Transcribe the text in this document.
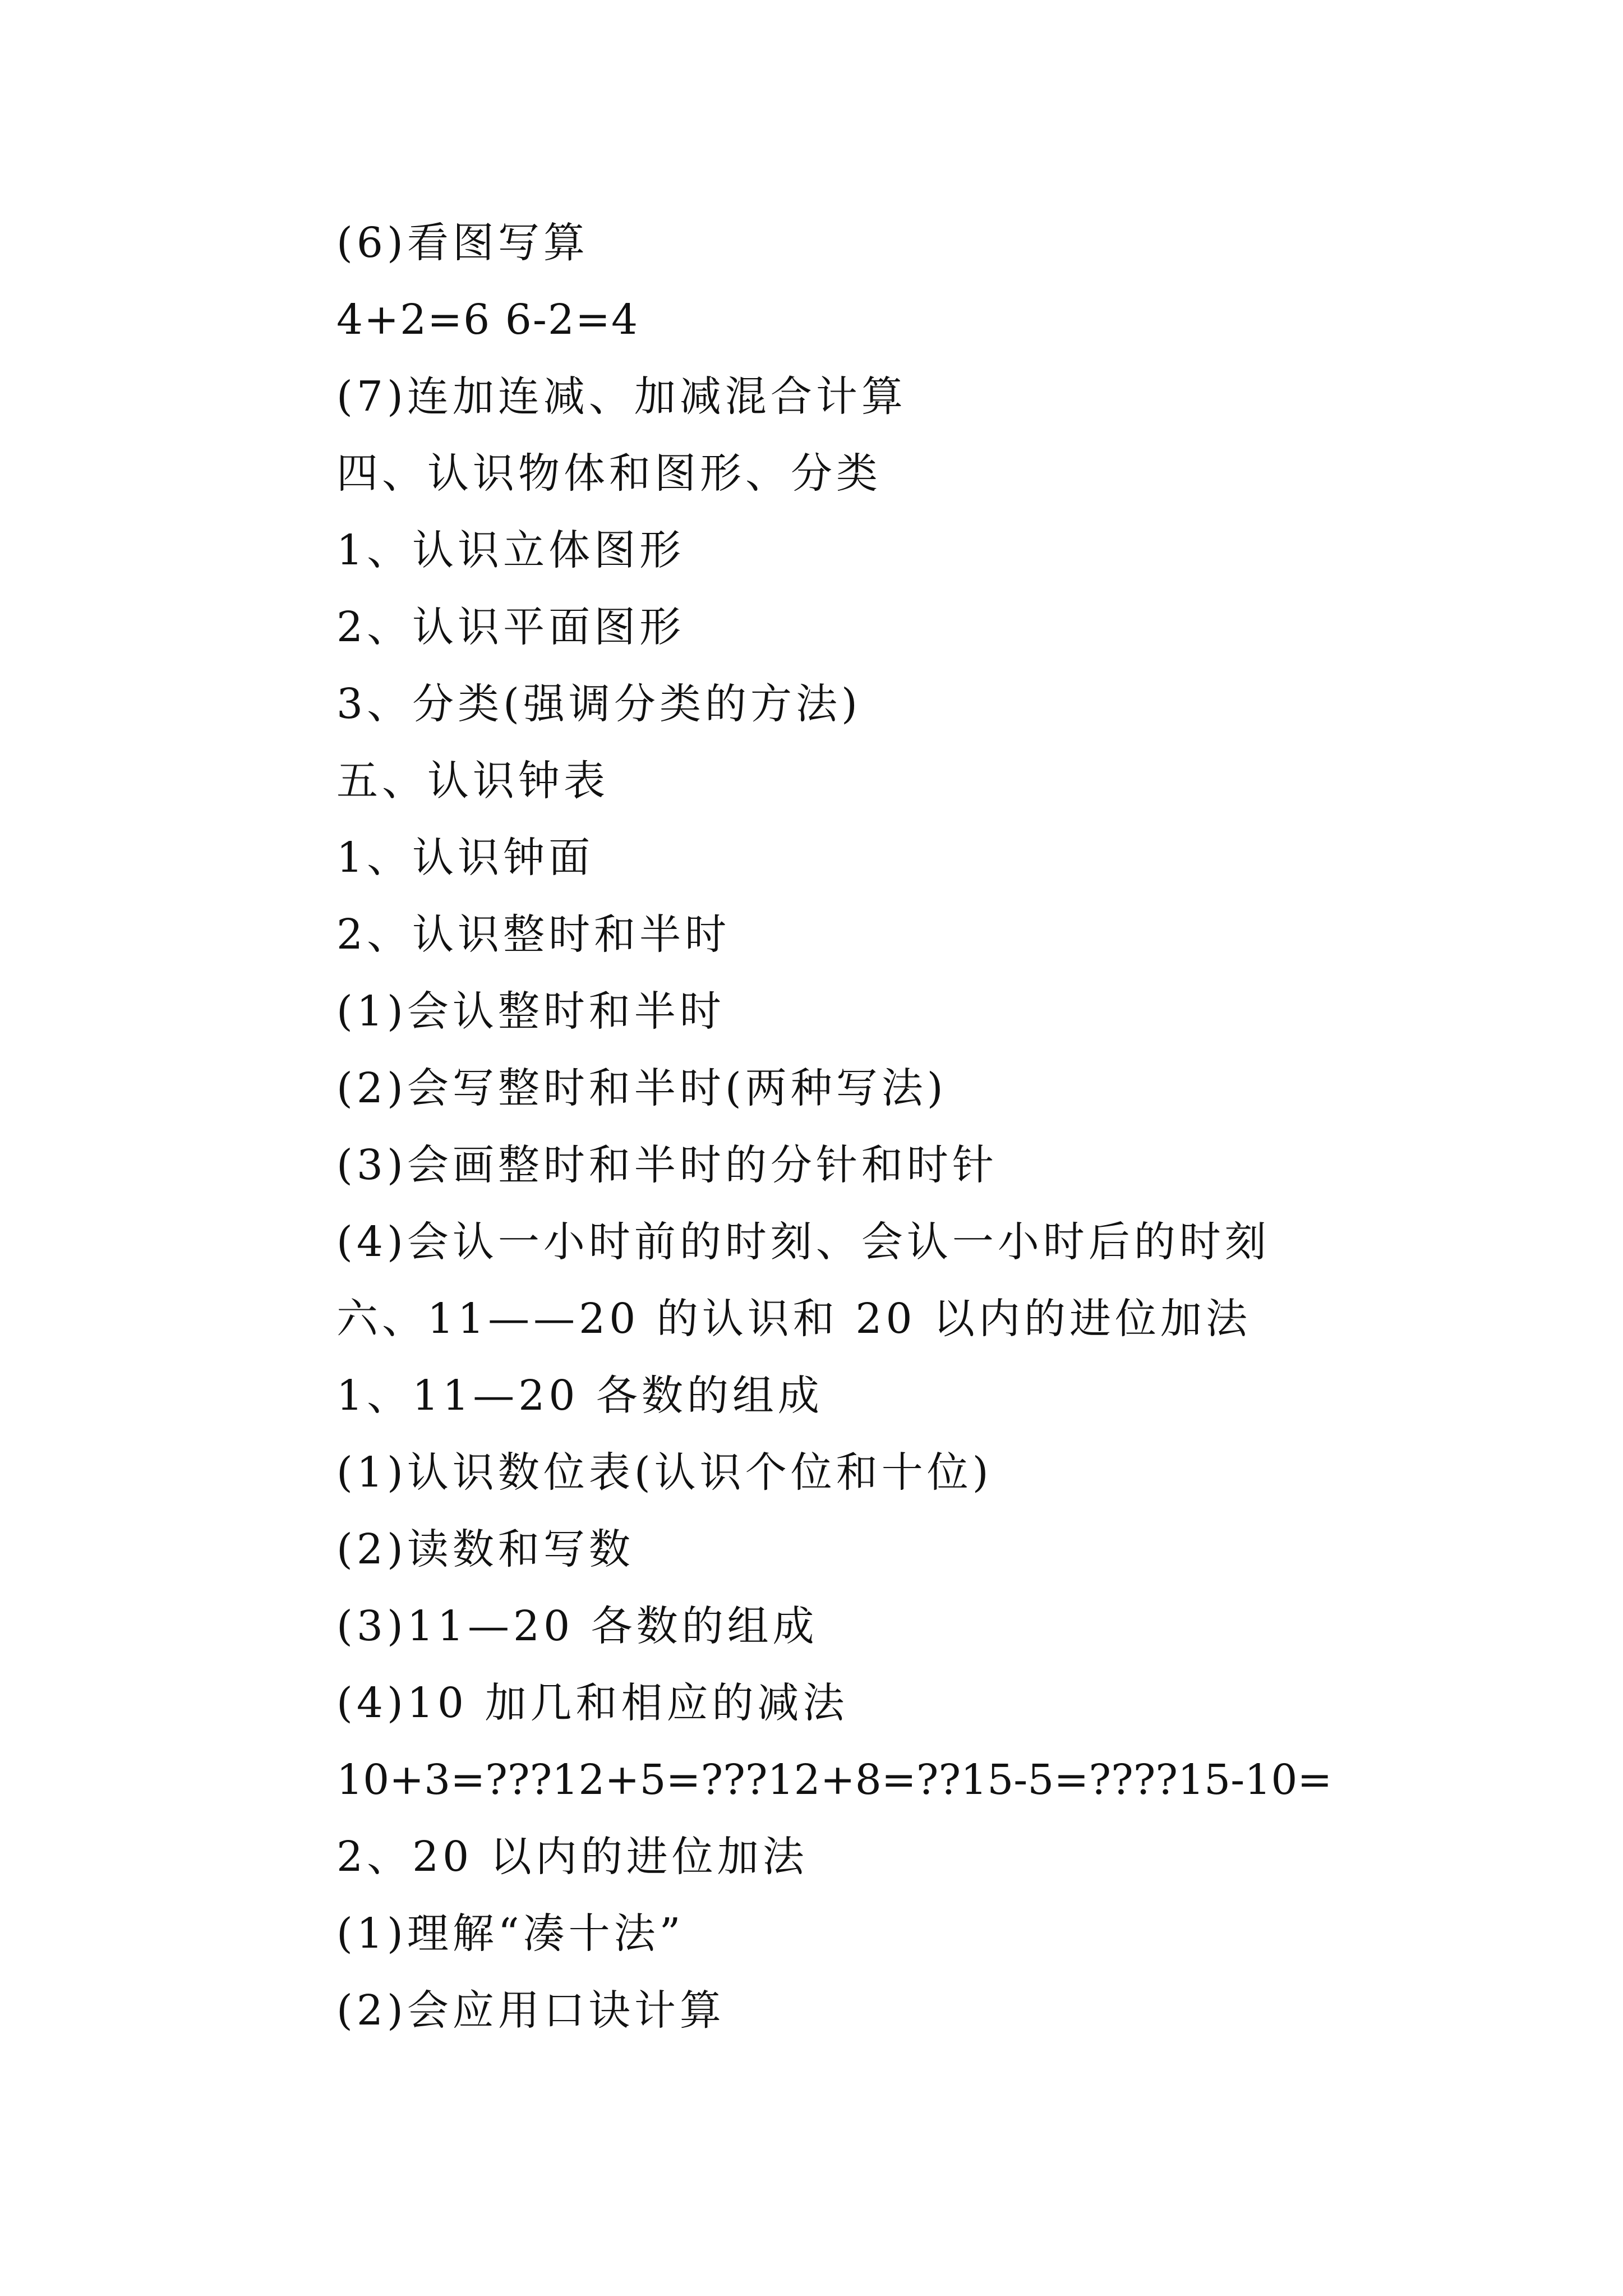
(6)看图写算
4+2=6 6-2=4
(7)连加连减、加减混合计算
四、认识物体和图形、分类
1、认识立体图形
2、认识平面图形
3、分类(强调分类的方法)
五、认识钟表
1、认识钟面
2、认识整时和半时
(1)会认整时和半时
(2)会写整时和半时(两种写法)
(3)会画整时和半时的分针和时针
(4)会认一小时前的时刻、会认一小时后的时刻
六、11——20 的认识和 20 以内的进位加法
1、11—20 各数的组成
(1)认识数位表(认识个位和十位)
(2)读数和写数
(3)11—20 各数的组成
(4)10 加几和相应的减法
10+3=???12+5=???12+8=??15-5=????15-10=
2、20 以内的进位加法
(1)理解“凑十法”
(2)会应用口诀计算
